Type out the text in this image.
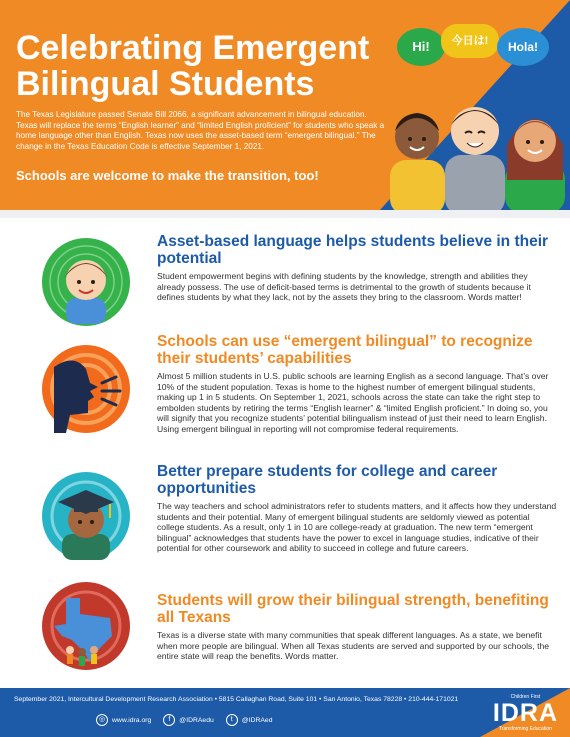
Celebrating Emergent
Bilingual Students
The Texas Legislature passed Senate Bill 2066, a significant advancement in bilingual education. Texas will replace the terms “English learner” and “limited English proficient” for students who speak a home language other than English. Texas now uses the asset-based term “emergent bilingual.” The change in the Texas Education Code is effective September 1, 2021.
Schools are welcome to make the transition, too!
Hi!	今日は!	Hola!
Asset-based language helps students believe in their potential
Student empowerment begins with defining students by the knowledge, strength and abilities they already possess. The use of deficit-based terms is detrimental to the growth of students because it defines students by what they lack, not by the assets they bring to the classroom. Words matter!
Schools can use “emergent bilingual” to recognize their students’ capabilities
Almost 5 million students in U.S. public schools are learning English as a second language. That’s over 10% of the student population. Texas is home to the highest number of emergent bilingual students, making up 1 in 5 students. On September 1, 2021, schools across the state can take the right step to embolden students by retiring the terms “English learner” & “limited English proficient.” In doing so, you will signify that you recognize students’ potential bilingualism instead of just their need to learn English. Using emergent bilingual in reporting will not compromise federal requirements.
Better prepare students for college and career opportunities
The way teachers and school administrators refer to students matters, and it affects how they understand students and their potential. Many of emergent bilingual students are seldomly viewed as potential college students. As a result, only 1 in 10 are college-ready at graduation. The new term “emergent bilingual” acknowledges that students have the power to excel in language studies, indicative of their potential for other coursework and ability to succeed in college and future careers.
Students will grow their bilingual strength, benefiting all Texans
Texas is a diverse state with many communities that speak different languages. As a state, we benefit when more people are bilingual. When all Texas students are served and supported by our schools, the entire state will reap the benefits. Words matter.
September 2021, Intercultural Development Research Association • 5815 Callaghan Road, Suite 101 • San Antonio, Texas 78228 • 210-444-171021
◎	www.idra.org	f	@IDRAedu	t	@IDRAed
Children First
IDRA
Transforming Education
